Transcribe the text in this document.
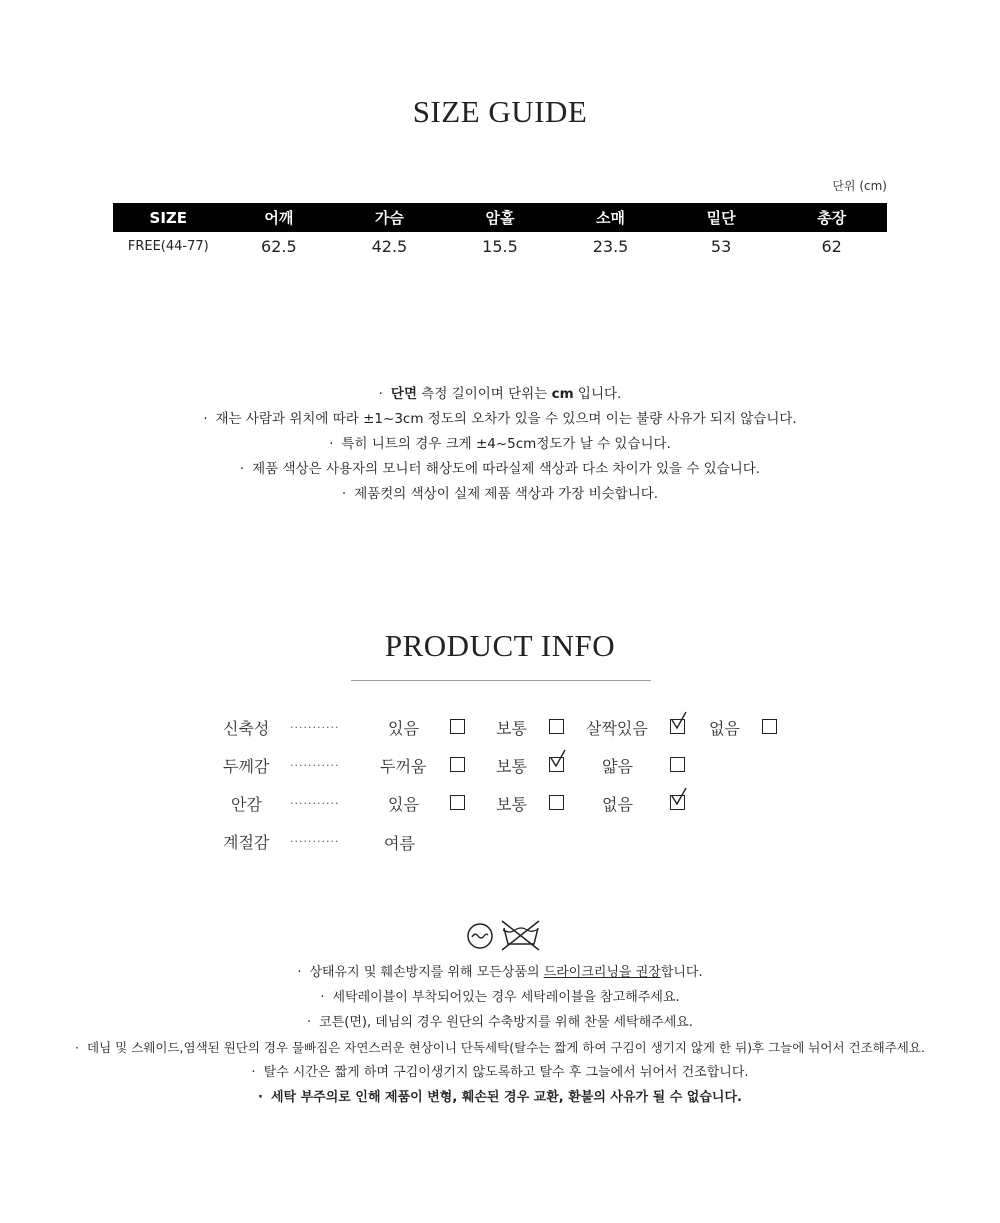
SIZE GUIDE
단위 (cm)
SIZE	어깨	가슴	암홀	소매	밑단	총장
FREE(44-77)	62.5	42.5	15.5	23.5	53	62
· 단면 측정 길이이며 단위는 cm 입니다.
· 재는 사람과 위치에 따라 ±1~3cm 정도의 오차가 있을 수 있으며 이는 불량 사유가 되지 않습니다.
· 특히 니트의 경우 크게 ±4~5cm정도가 날 수 있습니다.
· 제품 색상은 사용자의 모니터 해상도에 따라실제 색상과 다소 차이가 있을 수 있습니다.
· 제품컷의 색상이 실제 제품 색상과 가장 비슷합니다.
PRODUCT INFO
신축성 ...........	있음	보통	살짝있음	없음
두께감 ...........	두꺼움	보통	얇음
안감	...........	있음	보통	없음
계절감 ...........	여름
· 상태유지 및 훼손방지를 위해 모든상품의 드라이크리닝을 권장합니다.
· 세탁레이블이 부착되어있는 경우 세탁레이블을 참고해주세요.
· 코튼(면), 데님의 경우 원단의 수축방지를 위해 찬물 세탁해주세요.
· 데님 및 스웨이드,염색된 원단의 경우 물빠짐은 자연스러운 현상이니 단독세탁(탈수는 짧게 하여 구김이 생기지 않게 한 뒤)후 그늘에 뉘어서 건조해주세요.
· 탈수 시간은 짧게 하며 구김이생기지 않도록하고 탈수 후 그늘에서 뉘어서 건조합니다.
· 세탁 부주의로 인해 제품이 변형, 훼손된 경우 교환, 환불의 사유가 될 수 없습니다.
